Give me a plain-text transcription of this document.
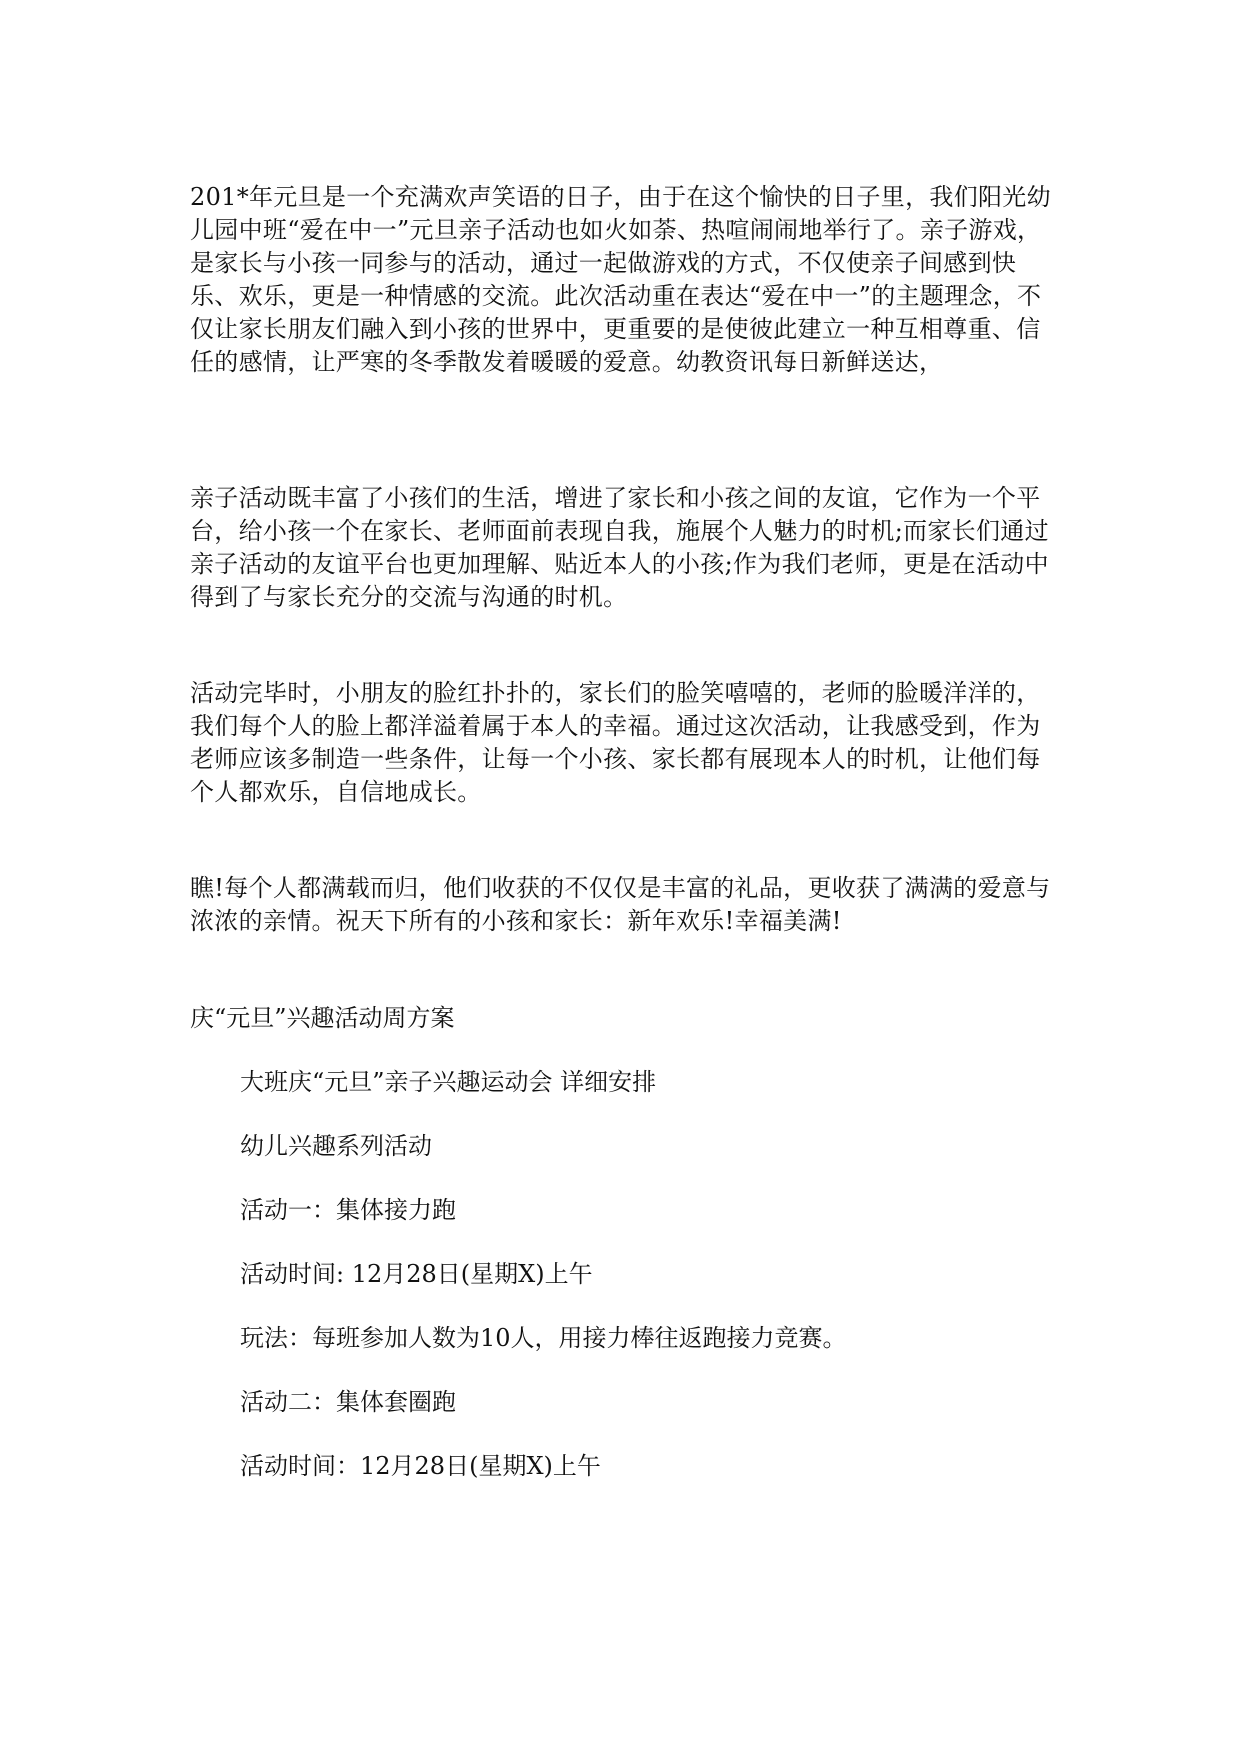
201*年元旦是一个充满欢声笑语的日子，由于在这个愉快的日子里，我们阳光幼儿园中班“爱在中一”元旦亲子活动也如火如荼、热喧闹闹地举行了。亲子游戏，是家长与小孩一同参与的活动，通过一起做游戏的方式，不仅使亲子间感到快乐、欢乐，更是一种情感的交流。此次活动重在表达“爱在中一”的主题理念，不仅让家长朋友们融入到小孩的世界中，更重要的是使彼此建立一种互相尊重、信任的感情，让严寒的冬季散发着暖暖的爱意。幼教资讯每日新鲜送达，

亲子活动既丰富了小孩们的生活，增进了家长和小孩之间的友谊，它作为一个平台，给小孩一个在家长、老师面前表现自我，施展个人魅力的时机;而家长们通过亲子活动的友谊平台也更加理解、贴近本人的小孩;作为我们老师，更是在活动中得到了与家长充分的交流与沟通的时机。

活动完毕时，小朋友的脸红扑扑的，家长们的脸笑嘻嘻的，老师的脸暖洋洋的，我们每个人的脸上都洋溢着属于本人的幸福。通过这次活动，让我感受到，作为老师应该多制造一些条件，让每一个小孩、家长都有展现本人的时机，让他们每个人都欢乐，自信地成长。

瞧!每个人都满载而归，他们收获的不仅仅是丰富的礼品，更收获了满满的爱意与浓浓的亲情。祝天下所有的小孩和家长：新年欢乐!幸福美满!

庆“元旦”兴趣活动周方案

大班庆“元旦”亲子兴趣运动会 详细安排

幼儿兴趣系列活动

活动一：集体接力跑

活动时间: 12月28日(星期X)上午

玩法：每班参加人数为10人，用接力棒往返跑接力竞赛。

活动二：集体套圈跑

活动时间：12月28日(星期X)上午
